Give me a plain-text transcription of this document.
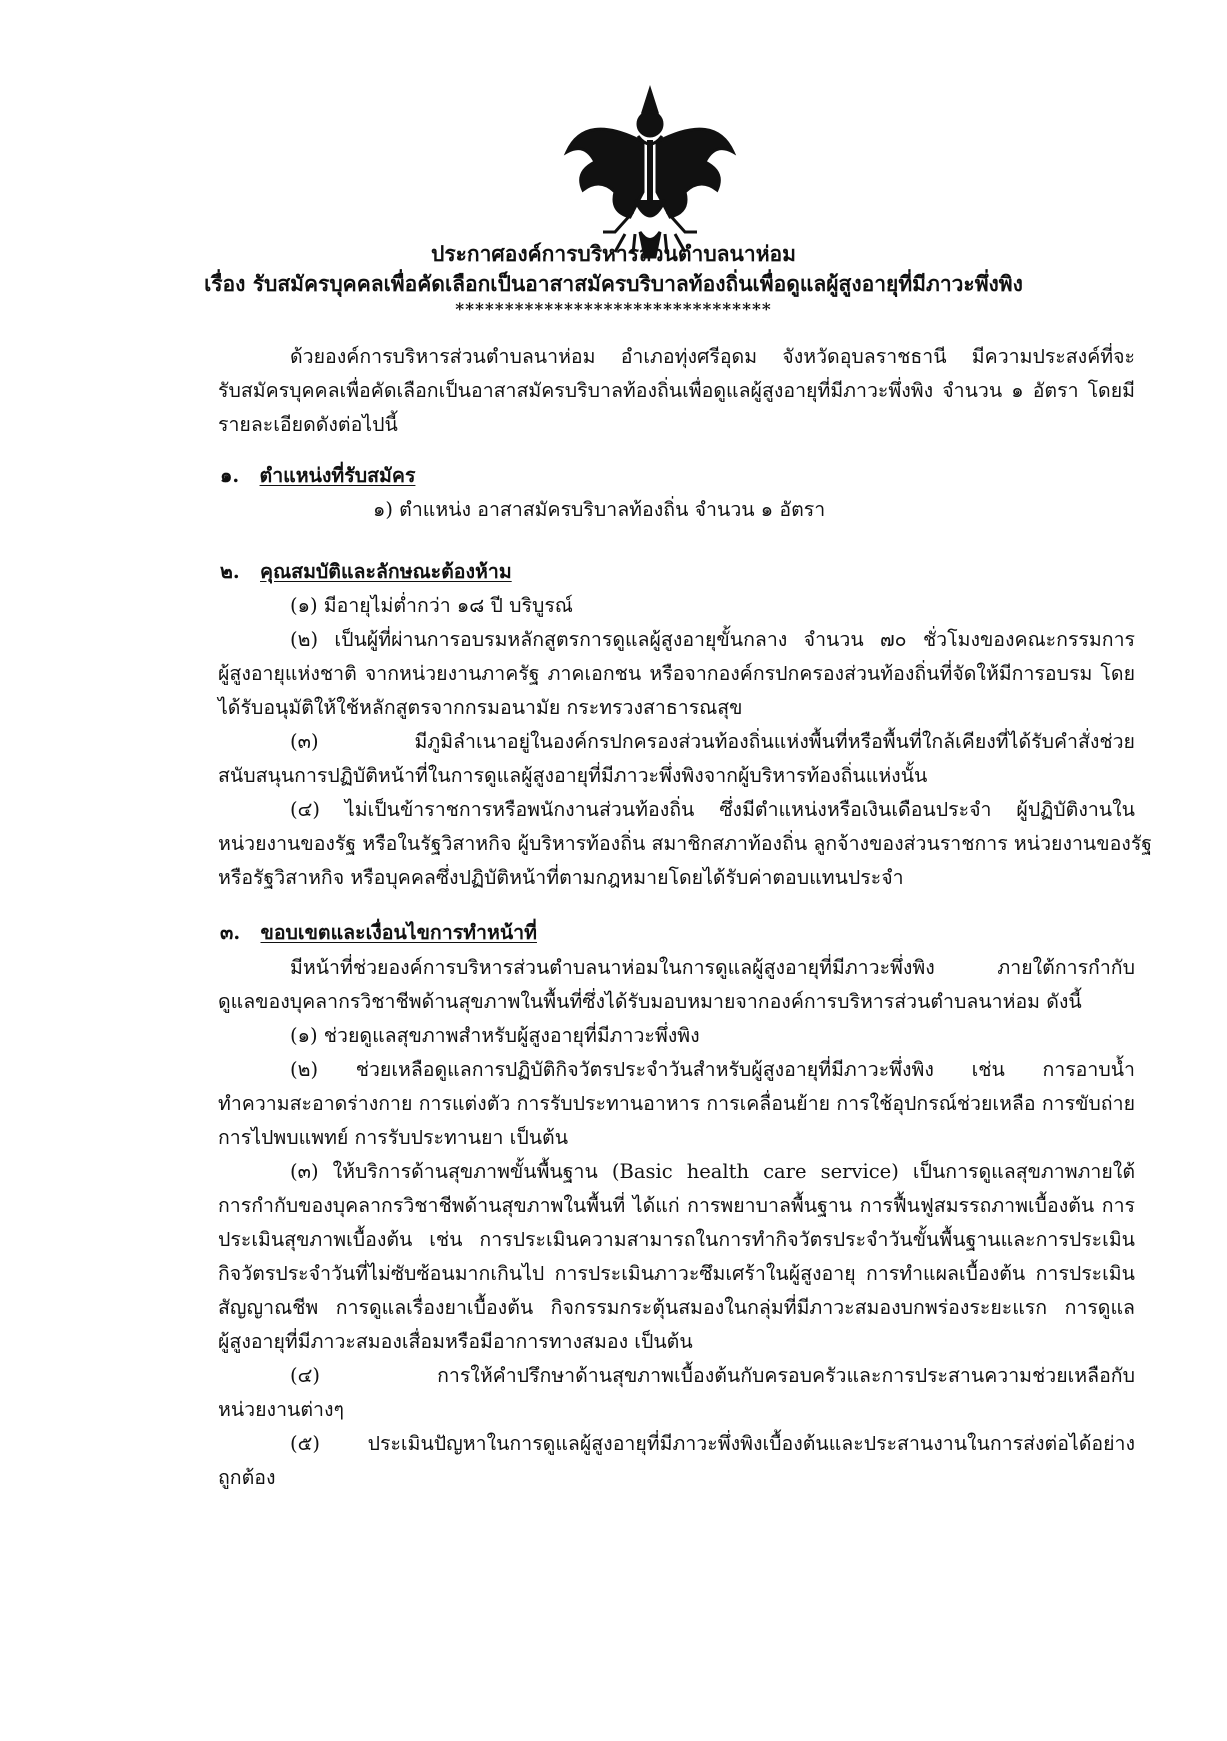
ประกาศองค์การบริหารส่วนตำบลนาห่อม
เรื่อง รับสมัครบุคคลเพื่อคัดเลือกเป็นอาสาสมัครบริบาลท้องถิ่นเพื่อดูแลผู้สูงอายุที่มีภาวะพึ่งพิง
********************************
ด้วยองค์การบริหารส่วนตำบลนาห่อม อำเภอทุ่งศรีอุดม จังหวัดอุบลราชธานี มีความประสงค์ที่จะ
รับสมัครบุคคลเพื่อคัดเลือกเป็นอาสาสมัครบริบาลท้องถิ่นเพื่อดูแลผู้สูงอายุที่มีภาวะพึ่งพิง จำนวน ๑ อัตรา โดยมี
รายละเอียดดังต่อไปนี้
๑. ตำแหน่งที่รับสมัคร
๑) ตำแหน่ง อาสาสมัครบริบาลท้องถิ่น จำนวน ๑ อัตรา
๒. คุณสมบัติและลักษณะต้องห้าม
(๑) มีอายุไม่ต่ำกว่า ๑๘ ปี บริบูรณ์
(๒) เป็นผู้ที่ผ่านการอบรมหลักสูตรการดูแลผู้สูงอายุขั้นกลาง จำนวน ๗๐ ชั่วโมงของคณะกรรมการ
ผู้สูงอายุแห่งชาติ จากหน่วยงานภาครัฐ ภาคเอกชน หรือจากองค์กรปกครองส่วนท้องถิ่นที่จัดให้มีการอบรม โดย
ได้รับอนุมัติให้ใช้หลักสูตรจากกรมอนามัย กระทรวงสาธารณสุข
(๓) มีภูมิลำเนาอยู่ในองค์กรปกครองส่วนท้องถิ่นแห่งพื้นที่หรือพื้นที่ใกล้เคียงที่ได้รับคำสั่งช่วย
สนับสนุนการปฏิบัติหน้าที่ในการดูแลผู้สูงอายุที่มีภาวะพึ่งพิงจากผู้บริหารท้องถิ่นแห่งนั้น
(๔) ไม่เป็นข้าราชการหรือพนักงานส่วนท้องถิ่น ซึ่งมีตำแหน่งหรือเงินเดือนประจำ ผู้ปฏิบัติงานใน
หน่วยงานของรัฐ หรือในรัฐวิสาหกิจ ผู้บริหารท้องถิ่น สมาชิกสภาท้องถิ่น ลูกจ้างของส่วนราชการ หน่วยงานของรัฐ
หรือรัฐวิสาหกิจ หรือบุคคลซึ่งปฏิบัติหน้าที่ตามกฎหมายโดยได้รับค่าตอบแทนประจำ
๓. ขอบเขตและเงื่อนไขการทำหน้าที่
มีหน้าที่ช่วยองค์การบริหารส่วนตำบลนาห่อมในการดูแลผู้สูงอายุที่มีภาวะพึ่งพิง ภายใต้การกำกับ
ดูแลของบุคลากรวิชาชีพด้านสุขภาพในพื้นที่ซึ่งได้รับมอบหมายจากองค์การบริหารส่วนตำบลนาห่อม ดังนี้
(๑) ช่วยดูแลสุขภาพสำหรับผู้สูงอายุที่มีภาวะพึ่งพิง
(๒) ช่วยเหลือดูแลการปฏิบัติกิจวัตรประจำวันสำหรับผู้สูงอายุที่มีภาวะพึ่งพิง เช่น การอาบน้ำ
ทำความสะอาดร่างกาย การแต่งตัว การรับประทานอาหาร การเคลื่อนย้าย การใช้อุปกรณ์ช่วยเหลือ การขับถ่าย
การไปพบแพทย์ การรับประทานยา เป็นต้น
(๓) ให้บริการด้านสุขภาพขั้นพื้นฐาน (Basic health care service) เป็นการดูแลสุขภาพภายใต้
การกำกับของบุคลากรวิชาชีพด้านสุขภาพในพื้นที่ ได้แก่ การพยาบาลพื้นฐาน การฟื้นฟูสมรรถภาพเบื้องต้น การ
ประเมินสุขภาพเบื้องต้น เช่น การประเมินความสามารถในการทำกิจวัตรประจำวันขั้นพื้นฐานและการประเมิน
กิจวัตรประจำวันที่ไม่ซับซ้อนมากเกินไป การประเมินภาวะซึมเศร้าในผู้สูงอายุ การทำแผลเบื้องต้น การประเมิน
สัญญาณชีพ การดูแลเรื่องยาเบื้องต้น กิจกรรมกระตุ้นสมองในกลุ่มที่มีภาวะสมองบกพร่องระยะแรก การดูแล
ผู้สูงอายุที่มีภาวะสมองเสื่อมหรือมีอาการทางสมอง เป็นต้น
(๔) การให้คำปรึกษาด้านสุขภาพเบื้องต้นกับครอบครัวและการประสานความช่วยเหลือกับ
หน่วยงานต่างๆ
(๕) ประเมินปัญหาในการดูแลผู้สูงอายุที่มีภาวะพึ่งพิงเบื้องต้นและประสานงานในการส่งต่อได้อย่าง
ถูกต้อง
